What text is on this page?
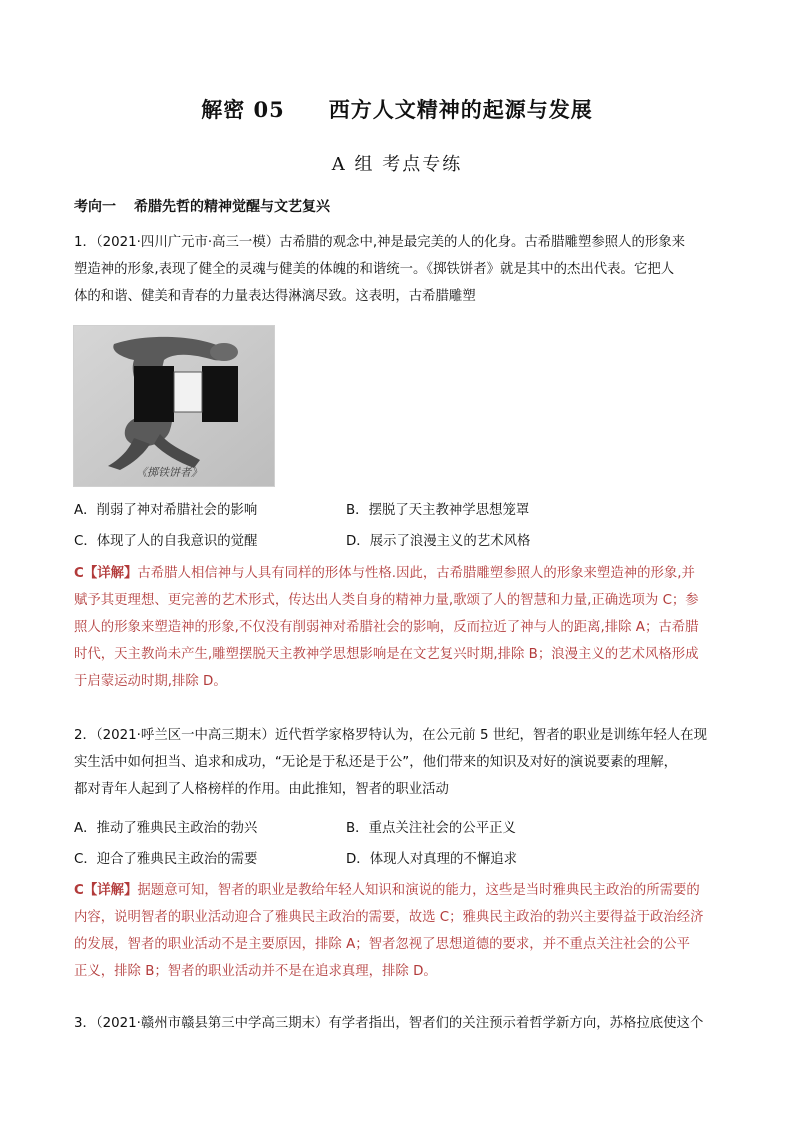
解密 05 西方人文精神的起源与发展
A 组 考点专练
考向一 希腊先哲的精神觉醒与文艺复兴
1．（2021·四川广元市·高三一模）古希腊的观念中,神是最完美的人的化身。古希腊雕塑参照人的形象来
塑造神的形象,表现了健全的灵魂与健美的体魄的和谐统一。《掷铁饼者》就是其中的杰出代表。它把人
体的和谐、健美和青春的力量表达得淋漓尽致。这表明，古希腊雕塑
《掷铁饼者》
A．削弱了神对希腊社会的影响	B．摆脱了天主教神学思想笼罩
C．体现了人的自我意识的觉醒	D．展示了浪漫主义的艺术风格
C【详解】古希腊人相信神与人具有同样的形体与性格.因此，古希腊雕塑参照人的形象来塑造神的形象,并
赋予其更理想、更完善的艺术形式，传达出人类自身的精神力量,歌颂了人的智慧和力量,正确选项为 C；参
照人的形象来塑造神的形象,不仅没有削弱神对希腊社会的影响，反而拉近了神与人的距离,排除 A；古希腊
时代，天主教尚未产生,雕塑摆脱天主教神学思想影响是在文艺复兴时期,排除 B；浪漫主义的艺术风格形成
于启蒙运动时期,排除 D。
2．（2021·呼兰区一中高三期末）近代哲学家格罗特认为，在公元前 5 世纪，智者的职业是训练年轻人在现
实生活中如何担当、追求和成功，“无论是于私还是于公”，他们带来的知识及对好的演说要素的理解，
都对青年人起到了人格榜样的作用。由此推知，智者的职业活动
A．推动了雅典民主政治的勃兴	B．重点关注社会的公平正义
C．迎合了雅典民主政治的需要	D．体现人对真理的不懈追求
C【详解】据题意可知，智者的职业是教给年轻人知识和演说的能力，这些是当时雅典民主政治的所需要的
内容，说明智者的职业活动迎合了雅典民主政治的需要，故选 C；雅典民主政治的勃兴主要得益于政治经济
的发展，智者的职业活动不是主要原因，排除 A；智者忽视了思想道德的要求，并不重点关注社会的公平
正义，排除 B；智者的职业活动并不是在追求真理，排除 D。
3．（2021·赣州市赣县第三中学高三期末）有学者指出，智者们的关注预示着哲学新方向，苏格拉底使这个
